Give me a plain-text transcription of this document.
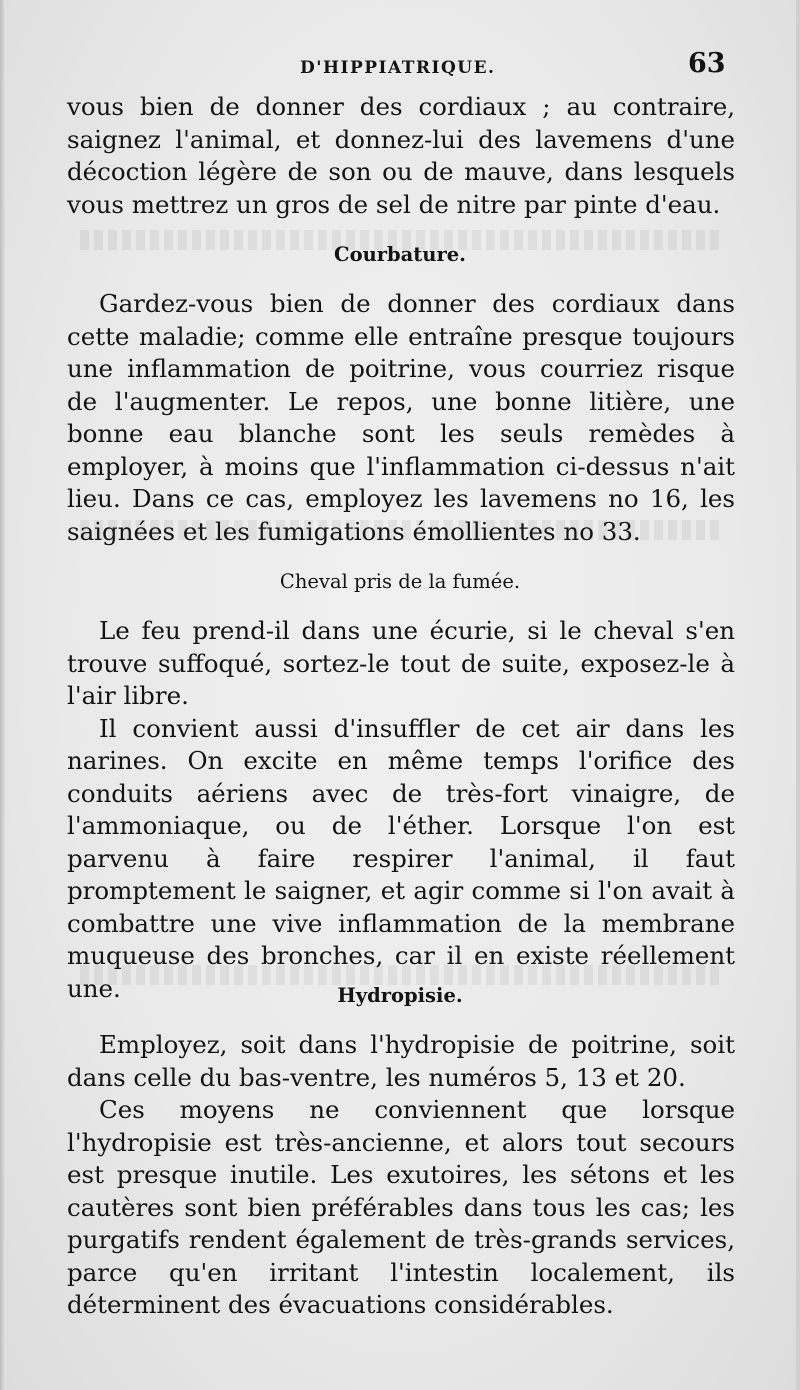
D'HIPPIATRIQUE.	63

vous bien de donner des cordiaux ; au contraire, saignez l'animal, et donnez-lui des lavemens d'une décoction légère de son ou de mauve, dans lesquels vous mettrez un gros de sel de nitre par pinte d'eau.

Courbature.

Gardez-vous bien de donner des cordiaux dans cette maladie; comme elle entraîne presque toujours une inflammation de poitrine, vous courriez risque de l'augmenter. Le repos, une bonne litière, une bonne eau blanche sont les seuls remèdes à employer, à moins que l'inflammation ci-dessus n'ait lieu. Dans ce cas, employez les lavemens no 16, les saignées et les fumigations émollientes no 33.

Cheval pris de la fumée.

Le feu prend-il dans une écurie, si le cheval s'en trouve suffoqué, sortez-le tout de suite, exposez-le à l'air libre.

Il convient aussi d'insuffler de cet air dans les narines. On excite en même temps l'orifice des conduits aériens avec de très-fort vinaigre, de l'ammoniaque, ou de l'éther. Lorsque l'on est parvenu à faire respirer l'animal, il faut promptement le saigner, et agir comme si l'on avait à combattre une vive inflammation de la membrane muqueuse des bronches, car il en existe réellement une.	Hydropisie.

Employez, soit dans l'hydropisie de poitrine, soit dans celle du bas-ventre, les numéros 5, 13 et 20.

Ces moyens ne conviennent que lorsque l'hydropisie est très-ancienne, et alors tout secours est presque inutile. Les exutoires, les sétons et les cautères sont bien préférables dans tous les cas; les purgatifs rendent également de très-grands services, parce qu'en irritant l'intestin localement, ils déterminent des évacuations considérables.
